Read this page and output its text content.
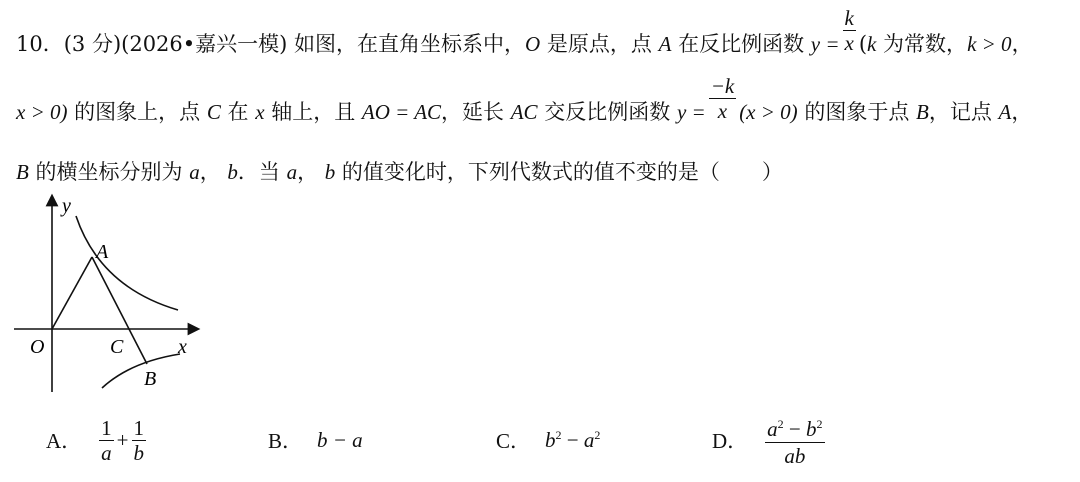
10．(3 分)(2026•嘉兴一模) 如图，在直角坐标系中，O 是原点，点 A 在反比例函数 $y = \frac{k}{x} (k$ 为常数，k > 0，
x > 0) 的图象上，点 C 在 x 轴上，且 AO = AC，延长 AC 交反比例函数 $y = \frac{-k}{x} (x > 0)$ 的图象于点 B，记点 A，
B 的横坐标分别为 a， b．当 a， b 的值变化时，下列代数式的值不变的是（　　）
y
A
O	C	x
B
A． $\frac{1}{a} + \frac{1}{b}$	B． b − a	C． $b^2 - a^2$	D． $\frac{a^2 - b^2}{ab}$
